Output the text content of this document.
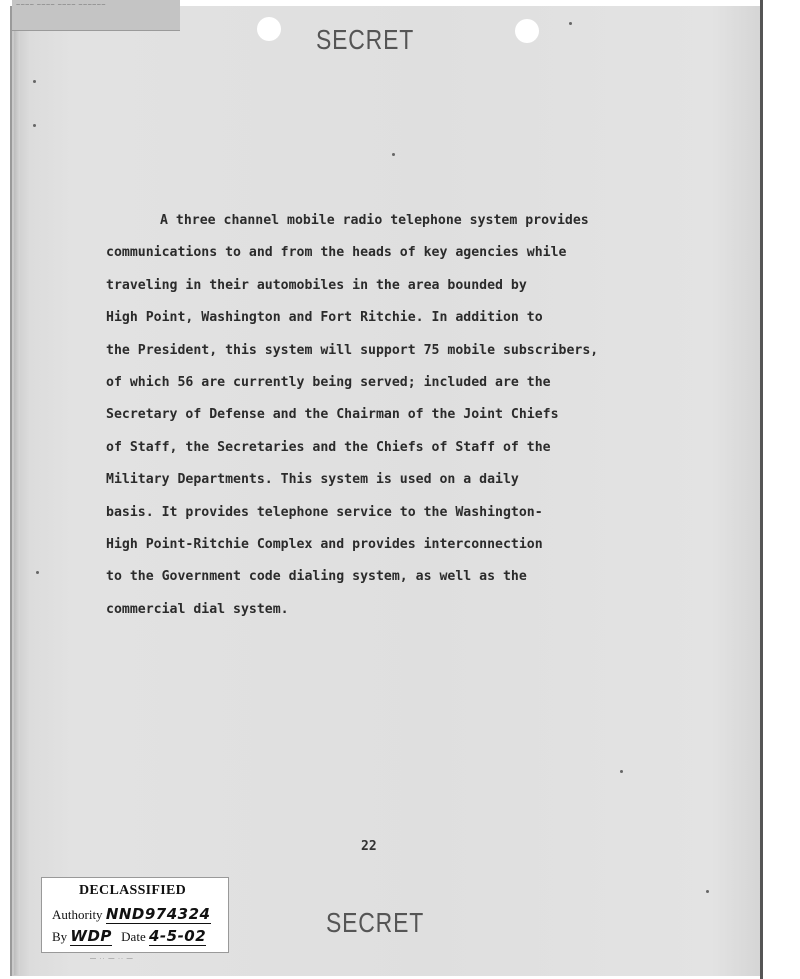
~~~~ ~~~~ ~~~~ ~~~~~~
SECRET
A three channel mobile radio telephone system provides
communications to and from the heads of key agencies while
traveling in their automobiles in the area bounded by
High Point, Washington and Fort Ritchie. In addition to
the President, this system will support 75 mobile subscribers,
of which 56 are currently being served; included are the
Secretary of Defense and the Chairman of the Joint Chiefs
of Staff, the Secretaries and the Chiefs of Staff of the
Military Departments. This system is used on a daily
basis. It provides telephone service to the Washington-
High Point-Ritchie Complex and provides interconnection
to the Government code dialing system, as well as the
commercial dial system.
22
SECRET
DECLASSIFIED
Authority NND974324
By WDP Date 4-5-02
— ·· — ·· —
